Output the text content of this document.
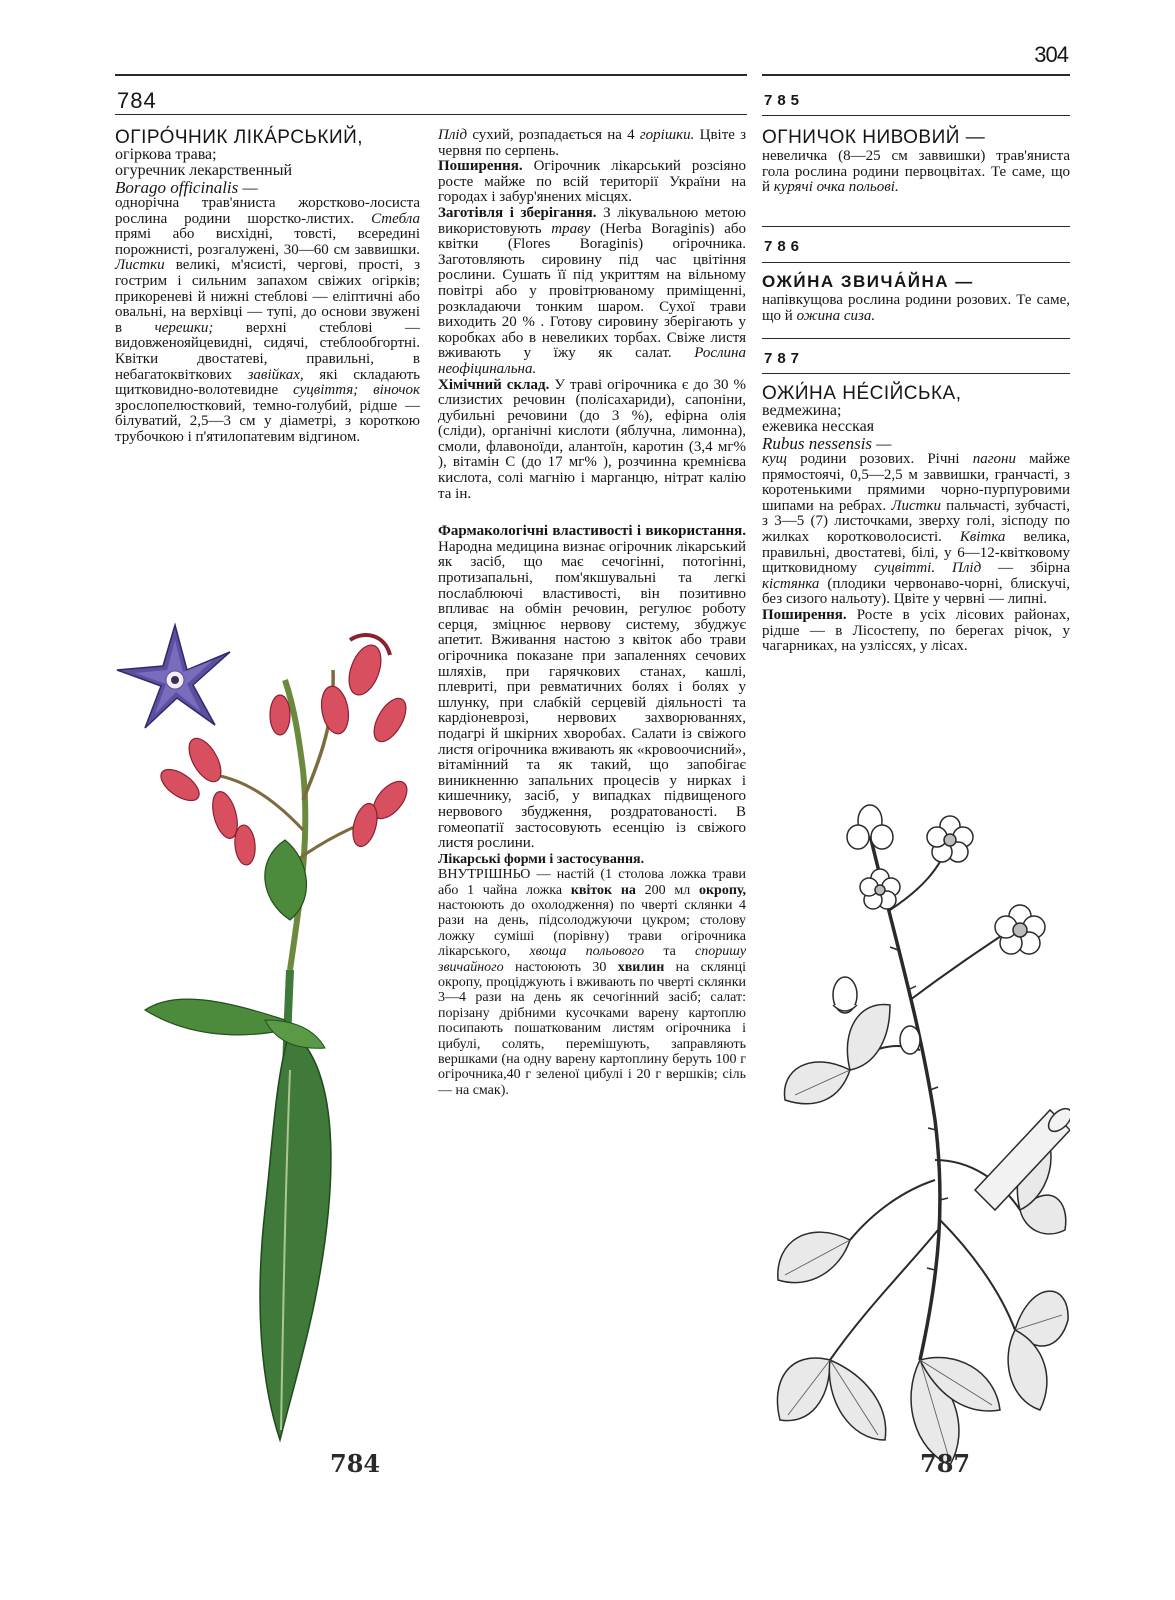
304
784
ОГІРО́ЧНИК ЛІКА́РСЬКИЙ,
огіркова трава;
огуречник лекарственный
Borago officinalis —

однорічна трав'яниста жорстково-лосиста рослина родини шорстко-листих. Стебла прямі або висхідні, товсті, всередині порожнисті, розгалужені, 30—60 см заввишки. Листки великі, м'ясисті, чергові, прості, з гострим і сильним запахом свіжих огірків; прикореневі й нижні стеблові — еліптичні або овальні, на верхівці — тупі, до основи звужені в черешки; верхні стеблові — видовженояйцевидні, сидячі, стеблообгортні. Квітки двостатеві, правильні, в небагатоквіткових завійках, які складають щитковидно-волотевидне суцвіття; віночок зрослопелюстковий, темно-голубий, рідше — білуватий, 2,5—3 см у діаметрі, з короткою трубочкою і п'ятилопатевим відгином.

Плід сухий, розпадається на 4 горішки. Цвіте з червня по серпень.

Поширення. Огірочник лікарський розсіяно росте майже по всій території України на городах і забур'янених місцях.

Заготівля і зберігання. З лікувальною метою використовують траву (Herba Boraginis) або квітки (Flores Boraginis) огірочника. Заготовляють сировину під час цвітіння рослини. Сушать її під укриттям на вільному повітрі або у провітрюваному приміщенні, розкладаючи тонким шаром. Сухої трави виходить 20 % . Готову сировину зберігають у коробках або в невеликих торбах. Свіже листя вживають у їжу як салат. Рослина неофіцинальна.

Хімічний склад. У траві огірочника є до 30 % слизистих речовин (полісахариди), сапоніни, дубильні речовини (до 3 %), ефірна олія (сліди), органічні кислоти (яблучна, лимонна), смоли, флавоноїди, алантоїн, каротин (3,4 мг% ), вітамін С (до 17 мг% ), розчинна кремнієва кислота, солі магнію і марганцю, нітрат калію та ін.

Фармакологічні властивості і використання. Народна медицина визнає огірочник лікарський як засіб, що має сечогінні, потогінні, протизапальні, пом'якшувальні та легкі послаблюючі властивості, він позитивно впливає на обмін речовин, регулює роботу серця, зміцнює нервову систему, збуджує апетит. Вживання настою з квіток або трави огірочника показане при запаленнях сечових шляхів, при гарячкових станах, кашлі, плевриті, при ревматичних болях і болях у шлунку, при слабкій серцевій діяльності та кардіоневрозі, нервових захворюваннях, подагрі й шкірних хворобах. Салати із свіжого листя огірочника вживають як «кровоочисний», вітамінний та як такий, що запобігає виникненню запальних процесів у нирках і кишечнику, засіб, у випадках підвищеного нервового збудження, роздратованості. В гомеопатії застосовують есенцію із свіжого листя рослини.

Лікарські форми і застосування.
ВНУТРІШНЬО — настій (1 столова ложка трави або 1 чайна ложка квіток на 200 мл окропу, настоюють до охолодження) по чверті склянки 4 рази на день, підсолоджуючи цукром; столову ложку суміші (порівну) трави огірочника лікарського, хвоща польового та споришу звичайного настоюють 30 хвилин на склянці окропу, проціджують і вживають по чверті склянки 3—4 рази на день як сечогінний засіб; салат: порізану дрібними кусочками варену картоплю посипають пошаткованим листям огірочника і цибулі, солять, перемішують, заправляють вершками (на одну варену картоплину беруть 100 г огірочника,40 г зеленої цибулі і 20 г вершків; сіль — на смак).

785
ОГНИЧОК НИВОВИЙ —

невеличка (8—25 см заввишки) трав'яниста гола рослина родини первоцвітах. Те саме, що й курячі очка польові.

786
ОЖИ́НА ЗВИЧА́ЙНА —

напівкущова рослина родини розових. Те саме, що й ожина сиза.

787
ОЖИ́НА НЕ́СІЙСЬКА,
ведмежина;
ежевика несская
Rubus nessensis —

кущ родини розових. Річні пагони майже прямостоячі, 0,5—2,5 м заввишки, гранчасті, з коротенькими прямими чорно-пурпуровими шипами на ребрах. Листки пальчасті, зубчасті, з 3—5 (7) листочками, зверху голі, зісподу по жилках коротковолосисті. Квітка велика, правильні, двостатеві, білі, у 6—12-квітковому щитковидному суцвітті. Плід — збірна кістянка (плодики червонаво-чорні, блискучі, без сизого нальоту). Цвіте у червні — липні.

Поширення. Росте в усіх лісових районах, рідше — в Лісостепу, по берегах річок, у чагарниках, на узліссях, у лісах.

784	787
